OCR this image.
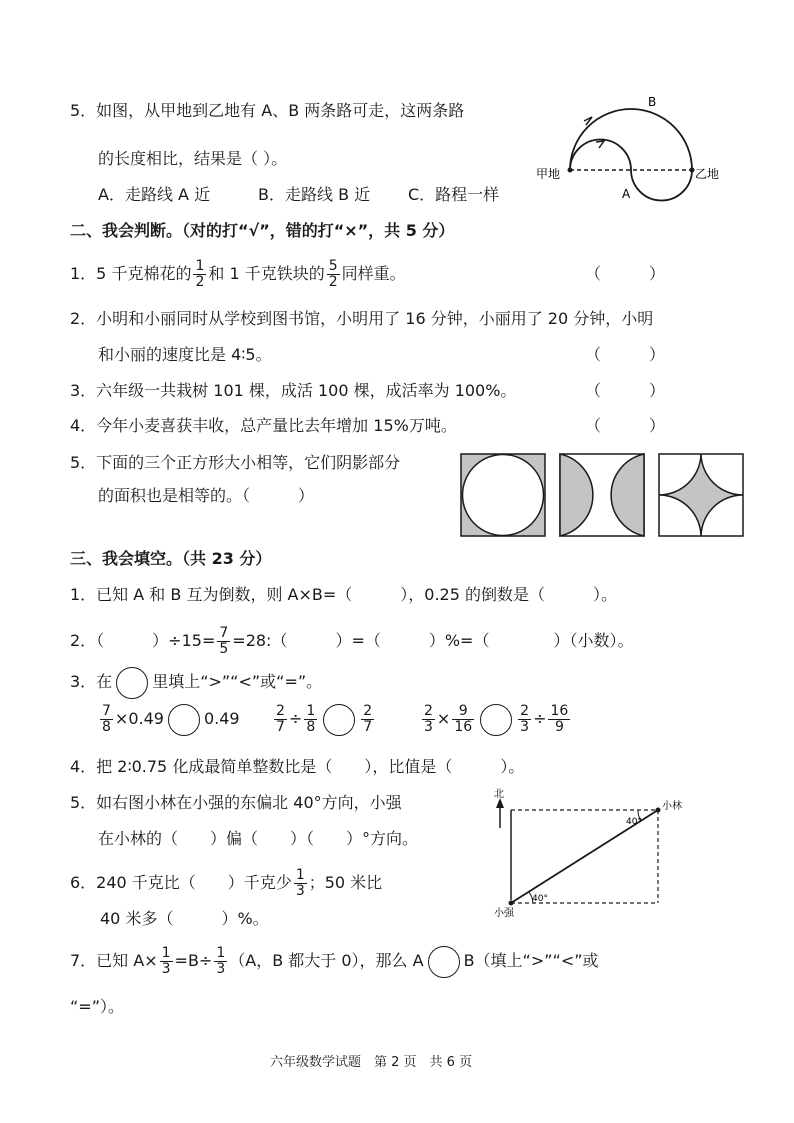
5．如图，从甲地到乙地有 A、B 两条路可走，这两条路
的长度相比，结果是（ ）。
A．走路线 A 近	B．走路线 B 近 C．路程一样
甲地	乙地
A
B
二、我会判断。（对的打“√”，错的打“×”，共 5 分）
1．5 千克棉花的 $\frac{1}{2}$ 和 1 千克铁块的 $\frac{5}{2}$ 同样重。	（　　　）
2．小明和小丽同时从学校到图书馆，小明用了 16 分钟，小丽用了 20 分钟，小明
和小丽的速度比是 4∶5。	（　　　）
3．六年级一共栽树 101 棵，成活 100 棵，成活率为 100%。	（　　　）
4．今年小麦喜获丰收，总产量比去年增加 15%万吨。	（　　　）
5．下面的三个正方形大小相等，它们阴影部分
的面积也是相等的。（　　　）
三、我会填空。（共 23 分）
1．已知 A 和 B 互为倒数，则 A×B=（　　　），0.25 的倒数是（　　　）。
2．（　　　）$\div 15= \frac{7}{5}$ =28:（　　　）=（　　　）%=（　　　　）（小数）。
3．在	里填上“>”“<”或“=”。
$\frac{7}{8} \times 0.49$	$0.49 \frac{2}{7} \div \frac{1}{8}$	$\frac{2}{7}$	$\frac{2}{3} \times \frac{9}{16}$	$\frac{2}{3} \div \frac{16}{9}$
4．把 2∶0.75 化成最简单整数比是（　　），比值是（　　　）。
5．如右图小林在小强的东偏北 40°方向，小强
在小林的（　　）偏（　　）（　　）°方向。
北
40°
40°
小林
小强
6．240 千克比（　　）千克少 $\frac{1}{3}$ ；50 米比
40 米多（　　　）%。
7．已知 $A\times \frac{1}{3} =B\div \frac{1}{3} (A$，B 都大于 0），那么 A	B（填上“>”“<”或
“=”）。
六年级数学试题　第 2 页　共 6 页
